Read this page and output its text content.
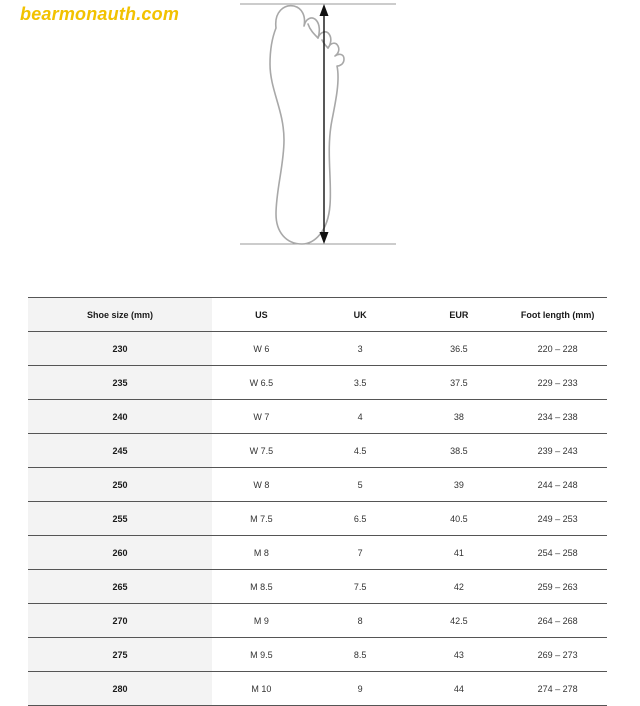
bearmonauth.com
Shoe size (mm)	US	UK	EUR	Foot length (mm)
230	W 6	3	36.5	220 – 228
235	W 6.5	3.5	37.5	229 – 233
240	W 7	4	38	234 – 238
245	W 7.5	4.5	38.5	239 – 243
250	W 8	5	39	244 – 248
255	M 7.5	6.5	40.5	249 – 253
260	M 8	7	41	254 – 258
265	M 8.5	7.5	42	259 – 263
270	M 9	8	42.5	264 – 268
275	M 9.5	8.5	43	269 – 273
280	M 10	9	44	274 – 278
